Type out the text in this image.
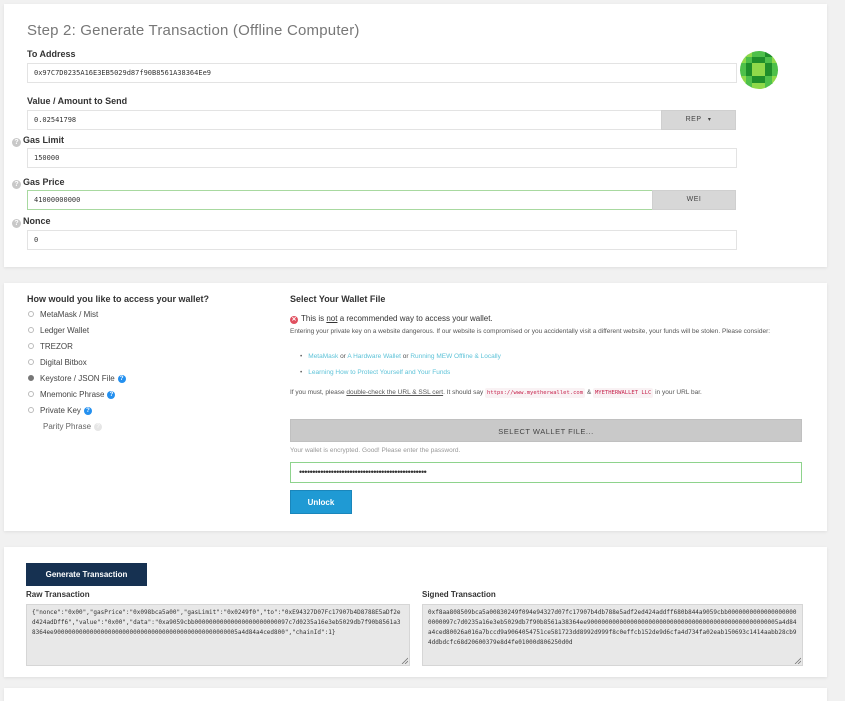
Step 2: Generate Transaction (Offline Computer)
To Address
0x97C7D0235A16E3EB5029d87f90B8561A38364Ee9
Value / Amount to Send
0.02541798	REP ▾
? Gas Limit
150000
? Gas Price
41000000000	WEI
? Nonce
0
How would you like to access your wallet?
MetaMask / Mist
Ledger Wallet
TREZOR
Digital Bitbox
Keystore / JSON File ?
Mnemonic Phrase ?
Private Key ?
Parity Phrase ?
Select Your Wallet File
✕ This is not a recommended way to access your wallet.
Entering your private key on a website dangerous. If our website is compromised or you accidentally visit a different website, your funds will be stolen. Please consider:
• MetaMask or A Hardware Wallet or Running MEW Offline & Locally
• Learning How to Protect Yourself and Your Funds
If you must, please double-check the URL & SSL cert. It should say https://www.myetherwallet.com & MYETHERWALLET LLC in your URL bar.
SELECT WALLET FILE...
Your wallet is encrypted. Good! Please enter the password.
••••••••••••••••••••••••••••••••••••••••••••••••
Unlock
Generate Transaction
Raw Transaction
{"nonce":"0x00","gasPrice":"0x098bca5a00","gasLimit":"0x0249f0","to":"0xE94327D07Fc17907b4D8788E5aDf2ed424adDff6","value":"0x00","data":"0xa9059cbb00000000000000000000000097c7d0235a16e3eb5029db7f90b8561a38364ee900000000000000000000000000000000000000000000000005a4d84a4ced800","chainId":1}
Signed Transaction
0xf8aa808509bca5a00830249f094e94327d07fc17907b4db788e5adf2ed424addff680b844a9059cbb00000000000000000000000097c7d0235a16e3eb5029db7f90b8561a38364ee90000000000000000000000000000000000000000000000000005a4d84a4ced80026a016a7bccd9a9064054751ce581723dd8992d999f8c0effcb152de9d6cfa4d734fa02eab150693c1414aabb28cb94ddbdcfc68d20600379e8d4fe01000d806250d0d
